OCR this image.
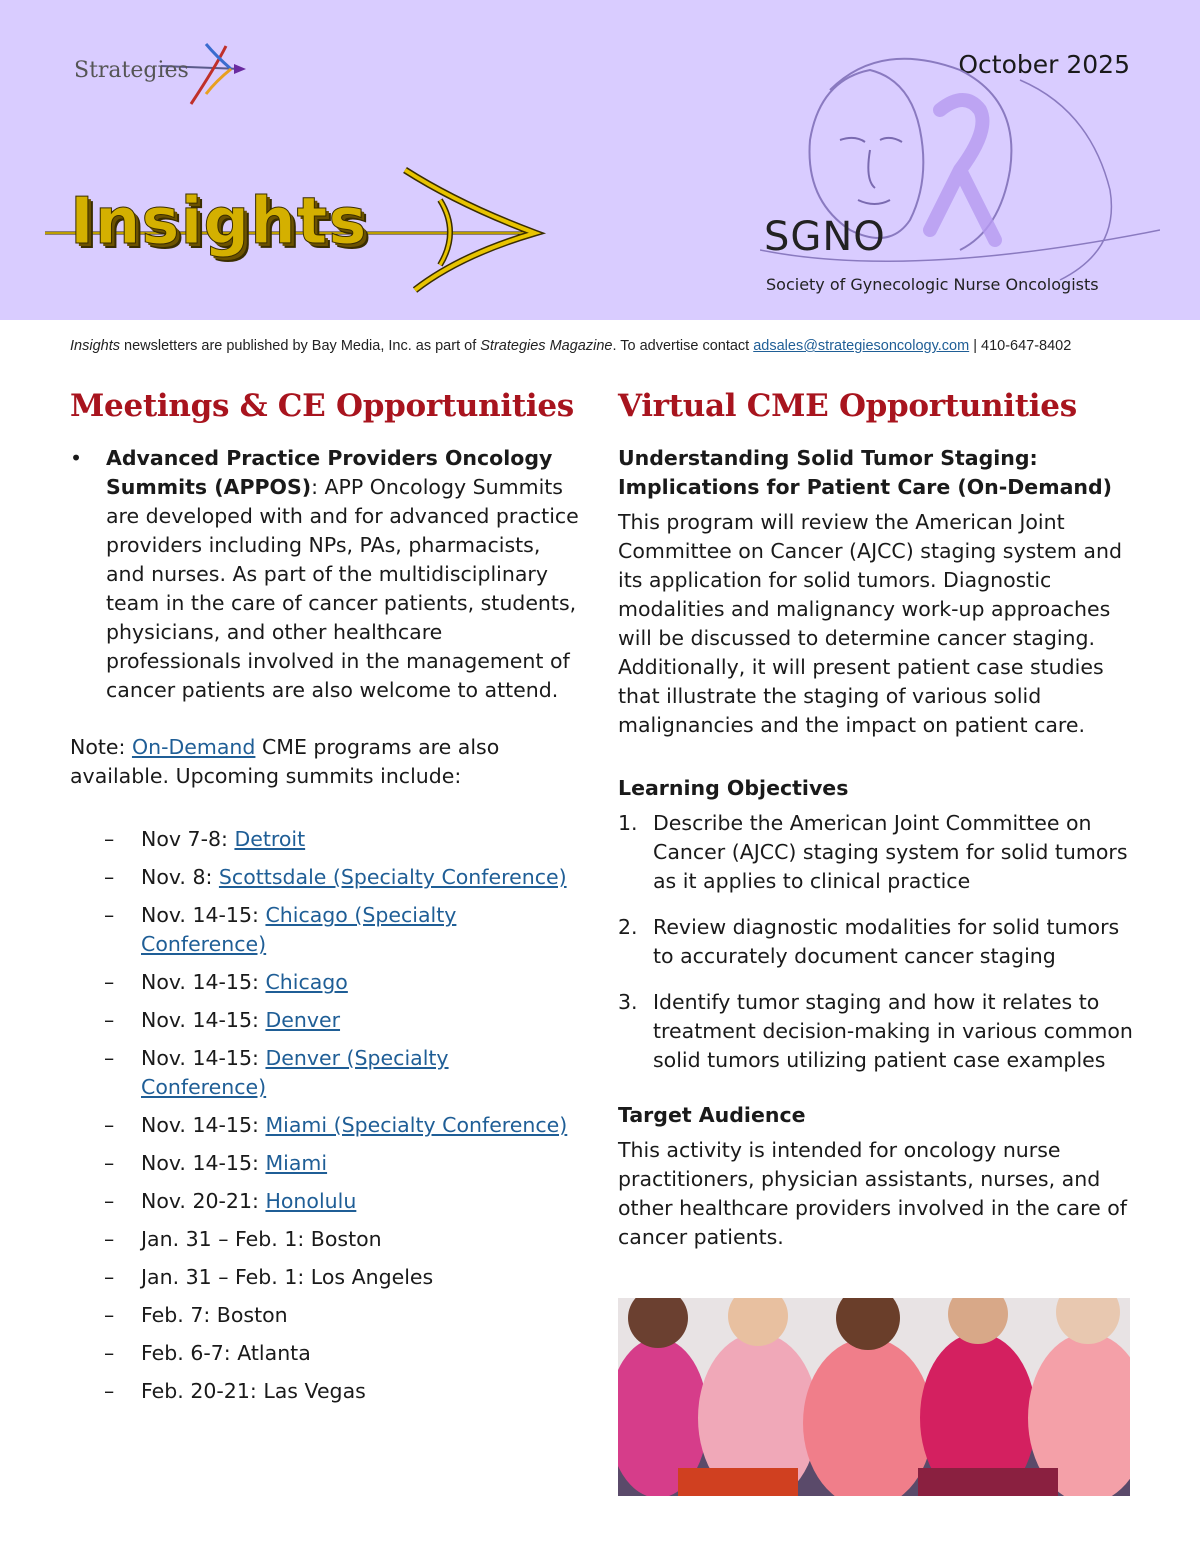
Strategies	October 2025
Insights	SGNO
Society of Gynecologic Nurse Oncologists
Insights newsletters are published by Bay Media, Inc. as part of Strategies Magazine. To advertise contact adsales@strategiesoncology.com | 410-647-8402
Meetings & CE Opportunities
• Advanced Practice Providers Oncology Summits (APPOS): APP Oncology Summits are developed with and for advanced practice providers including NPs, PAs, pharmacists, and nurses. As part of the multidisciplinary team in the care of cancer patients, students, physicians, and other healthcare professionals involved in the management of cancer patients are also welcome to attend.
Note: On-Demand CME programs are also available. Upcoming summits include:
– Nov 7-8: Detroit
– Nov. 8: Scottsdale (Specialty Conference)
– Nov. 14-15: Chicago (Specialty Conference)
– Nov. 14-15: Chicago
– Nov. 14-15: Denver
– Nov. 14-15: Denver (Specialty Conference)
– Nov. 14-15: Miami (Specialty Conference)
– Nov. 14-15: Miami
– Nov. 20-21: Honolulu
– Jan. 31 – Feb. 1: Boston
– Jan. 31 – Feb. 1: Los Angeles
– Feb. 7: Boston
– Feb. 6-7: Atlanta
– Feb. 20-21: Las Vegas
Virtual CME Opportunities
Understanding Solid Tumor Staging: Implications for Patient Care (On-Demand)
This program will review the American Joint Committee on Cancer (AJCC) staging system and its application for solid tumors. Diagnostic modalities and malignancy work-up approaches will be discussed to determine cancer staging. Additionally, it will present patient case studies that illustrate the staging of various solid malignancies and the impact on patient care.
Learning Objectives
1. Describe the American Joint Committee on Cancer (AJCC) staging system for solid tumors as it applies to clinical practice
2. Review diagnostic modalities for solid tumors to accurately document cancer staging
3. Identify tumor staging and how it relates to treatment decision-making in various common solid tumors utilizing patient case examples
Target Audience
This activity is intended for oncology nurse practitioners, physician assistants, nurses, and other healthcare providers involved in the care of cancer patients.
